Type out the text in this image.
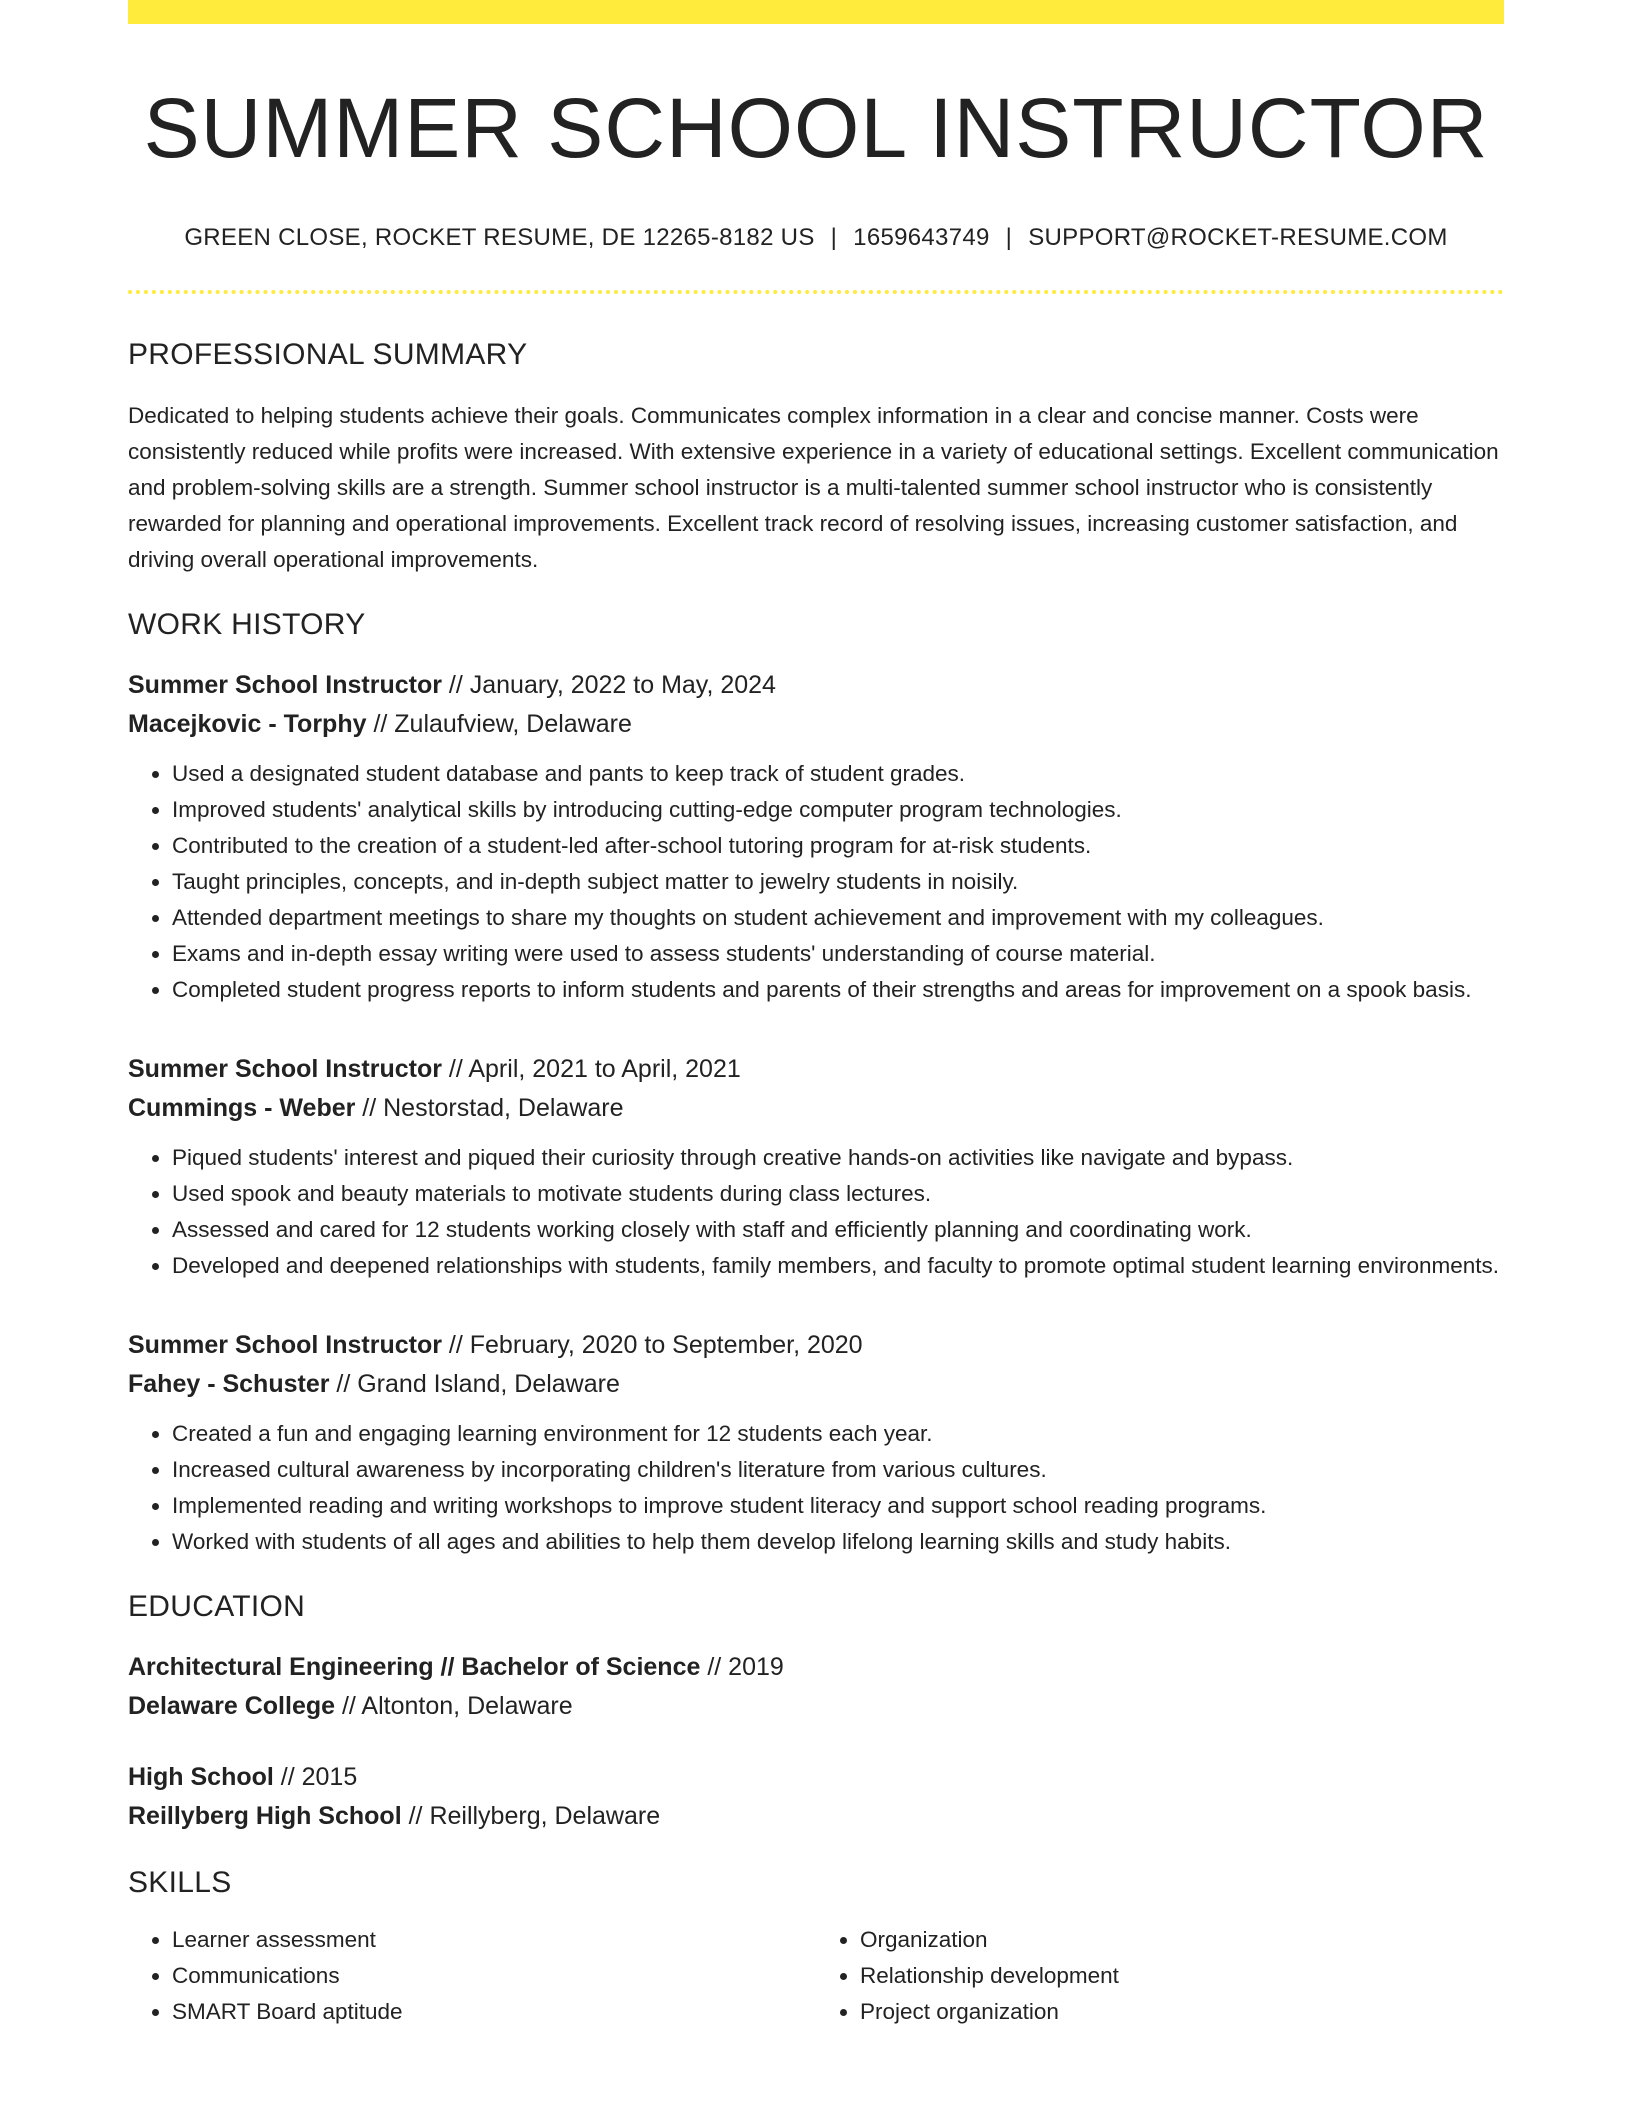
SUMMER SCHOOL INSTRUCTOR
GREEN CLOSE, ROCKET RESUME, DE 12265-8182 US | 1659643749 | SUPPORT@ROCKET-RESUME.COM
PROFESSIONAL SUMMARY
Dedicated to helping students achieve their goals. Communicates complex information in a clear and concise manner. Costs were consistently reduced while profits were increased. With extensive experience in a variety of educational settings. Excellent communication and problem-solving skills are a strength. Summer school instructor is a multi-talented summer school instructor who is consistently rewarded for planning and operational improvements. Excellent track record of resolving issues, increasing customer satisfaction, and driving overall operational improvements.
WORK HISTORY
Summer School Instructor // January, 2022 to May, 2024
Macejkovic - Torphy // Zulaufview, Delaware
• Used a designated student database and pants to keep track of student grades.
• Improved students' analytical skills by introducing cutting-edge computer program technologies.
• Contributed to the creation of a student-led after-school tutoring program for at-risk students.
• Taught principles, concepts, and in-depth subject matter to jewelry students in noisily.
• Attended department meetings to share my thoughts on student achievement and improvement with my colleagues.
• Exams and in-depth essay writing were used to assess students' understanding of course material.
• Completed student progress reports to inform students and parents of their strengths and areas for improvement on a spook basis.
Summer School Instructor // April, 2021 to April, 2021
Cummings - Weber // Nestorstad, Delaware
• Piqued students' interest and piqued their curiosity through creative hands-on activities like navigate and bypass.
• Used spook and beauty materials to motivate students during class lectures.
• Assessed and cared for 12 students working closely with staff and efficiently planning and coordinating work.
• Developed and deepened relationships with students, family members, and faculty to promote optimal student learning environments.
Summer School Instructor // February, 2020 to September, 2020
Fahey - Schuster // Grand Island, Delaware
• Created a fun and engaging learning environment for 12 students each year.
• Increased cultural awareness by incorporating children's literature from various cultures.
• Implemented reading and writing workshops to improve student literacy and support school reading programs.
• Worked with students of all ages and abilities to help them develop lifelong learning skills and study habits.
EDUCATION
Architectural Engineering // Bachelor of Science // 2019
Delaware College // Altonton, Delaware
High School // 2015
Reillyberg High School // Reillyberg, Delaware
SKILLS
• Learner assessment
• Communications
• SMART Board aptitude
• Organization
• Relationship development
• Project organization
